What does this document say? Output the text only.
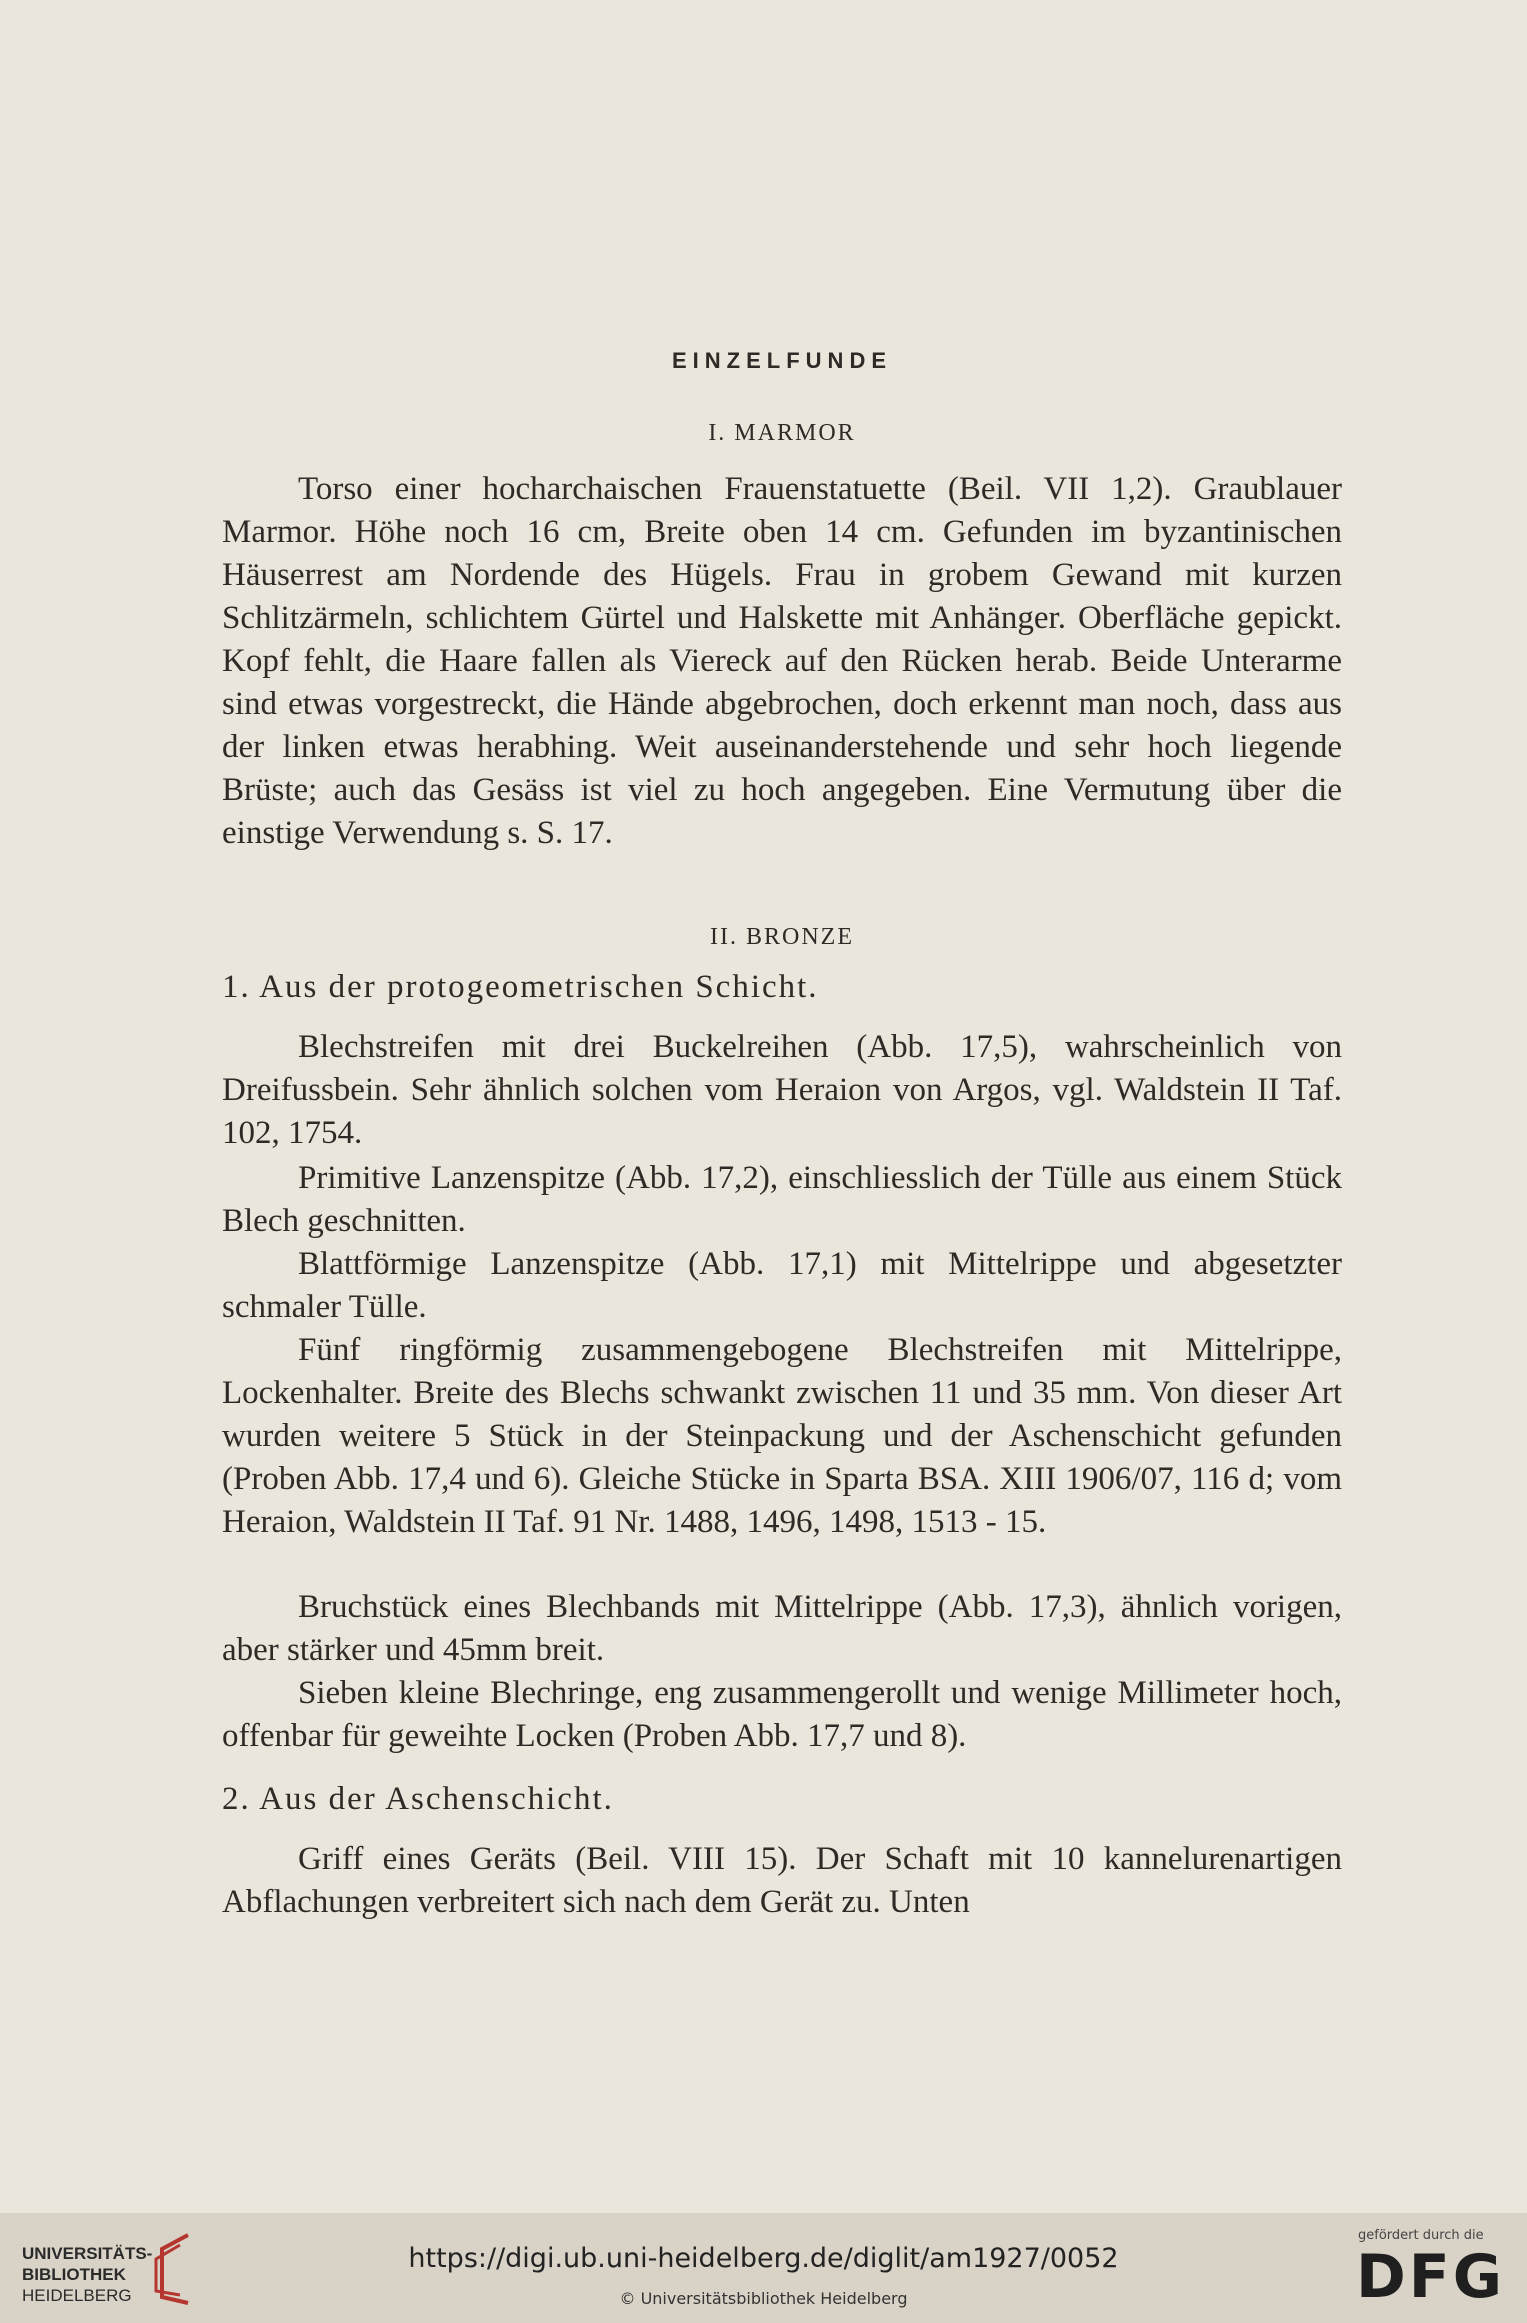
EINZELFUNDE
I. MARMOR
Torso einer hocharchaischen Frauenstatuette (Beil. VII 1,2). Graublauer Marmor. Höhe noch 16 cm, Breite oben 14 cm. Gefunden im byzantinischen Häuserrest am Nordende des Hügels. Frau in grobem Gewand mit kurzen Schlitzärmeln, schlichtem Gürtel und Halskette mit Anhänger. Oberfläche gepickt. Kopf fehlt, die Haare fallen als Viereck auf den Rücken herab. Beide Unterarme sind etwas vorgestreckt, die Hände abgebrochen, doch erkennt man noch, dass aus der linken etwas herabhing. Weit auseinanderstehende und sehr hoch liegende Brüste; auch das Gesäss ist viel zu hoch angegeben. Eine Vermutung über die einstige Verwendung s. S. 17.
II. BRONZE
1. Aus der protogeometrischen Schicht.
Blechstreifen mit drei Buckelreihen (Abb. 17,5), wahrscheinlich von Dreifussbein. Sehr ähnlich solchen vom Heraion von Argos, vgl. Waldstein II Taf. 102, 1754.
Primitive Lanzenspitze (Abb. 17,2), einschliesslich der Tülle aus einem Stück Blech geschnitten.
Blattförmige Lanzenspitze (Abb. 17,1) mit Mittelrippe und abgesetzter schmaler Tülle.
Fünf ringförmig zusammengebogene Blechstreifen mit Mittelrippe, Lockenhalter. Breite des Blechs schwankt zwischen 11 und 35 mm. Von dieser Art wurden weitere 5 Stück in der Steinpackung und der Aschenschicht gefunden (Proben Abb. 17,4 und 6). Gleiche Stücke in Sparta BSA. XIII 1906/07, 116 d; vom Heraion, Waldstein II Taf. 91 Nr. 1488, 1496, 1498, 1513 - 15.
Bruchstück eines Blechbands mit Mittelrippe (Abb. 17,3), ähnlich vorigen, aber stärker und 45mm breit.
Sieben kleine Blechringe, eng zusammengerollt und wenige Millimeter hoch, offenbar für geweihte Locken (Proben Abb. 17,7 und 8).
2. Aus der Aschenschicht.
Griff eines Geräts (Beil. VIII 15). Der Schaft mit 10 kannelurenartigen Abflachungen verbreitert sich nach dem Gerät zu. Unten
UNIVERSITÄTS-
BIBLIOTHEK
HEIDELBERG
https://digi.ub.uni-heidelberg.de/diglit/am1927/0052
© Universitätsbibliothek Heidelberg
gefördert durch die
DFG
